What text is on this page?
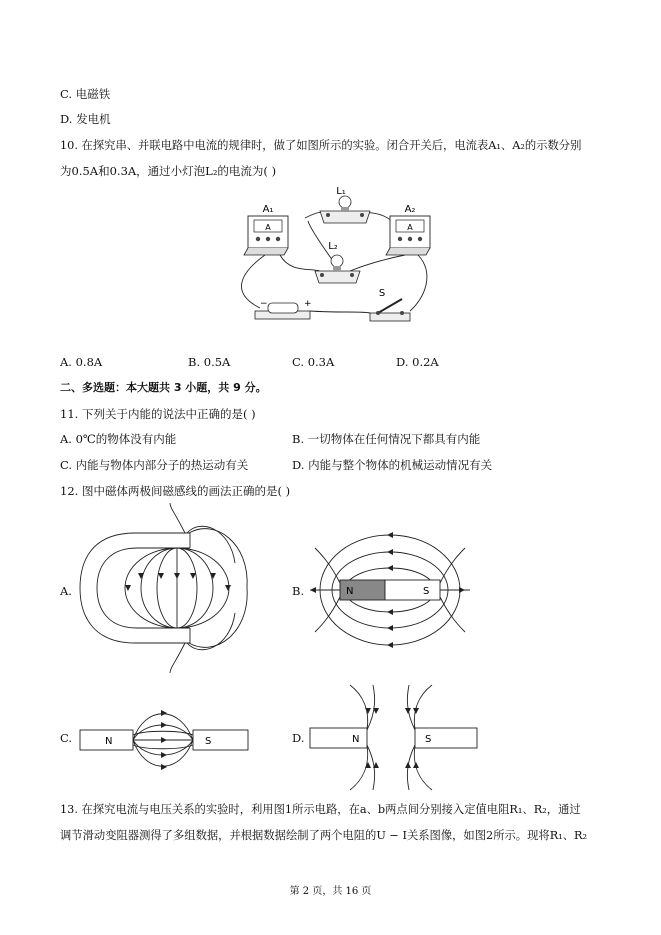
C. 电磁铁
D. 发电机
10. 在探究串、并联电路中电流的规律时，做了如图所示的实验。闭合开关后，电流表A₁、A₂的示数分别
为0.5A和0.3A，通过小灯泡L₂的电流为( )
A
A₁
L₁
L₂
A
A₂
−	+
S
A. 0.8A	B. 0.5A	C. 0.3A	D. 0.2A
二、多选题：本大题共 3 小题，共 9 分。
11. 下列关于内能的说法中正确的是( )
A. 0℃的物体没有内能	B. 一切物体在任何情况下都具有内能
C. 内能与物体内部分子的热运动有关	D. 内能与整个物体的机械运动情况有关
12. 图中磁体两极间磁感线的画法正确的是( )
A.	B.
C.	D.
N	S
N	S	N	S
13. 在探究电流与电压关系的实验时，利用图1所示电路，在a、b两点间分别接入定值电阻R₁、R₂，通过
调节滑动变阻器测得了多组数据，并根据数据绘制了两个电阻的U − I关系图像，如图2所示。现将R₁、R₂
第 2 页，共 16 页
